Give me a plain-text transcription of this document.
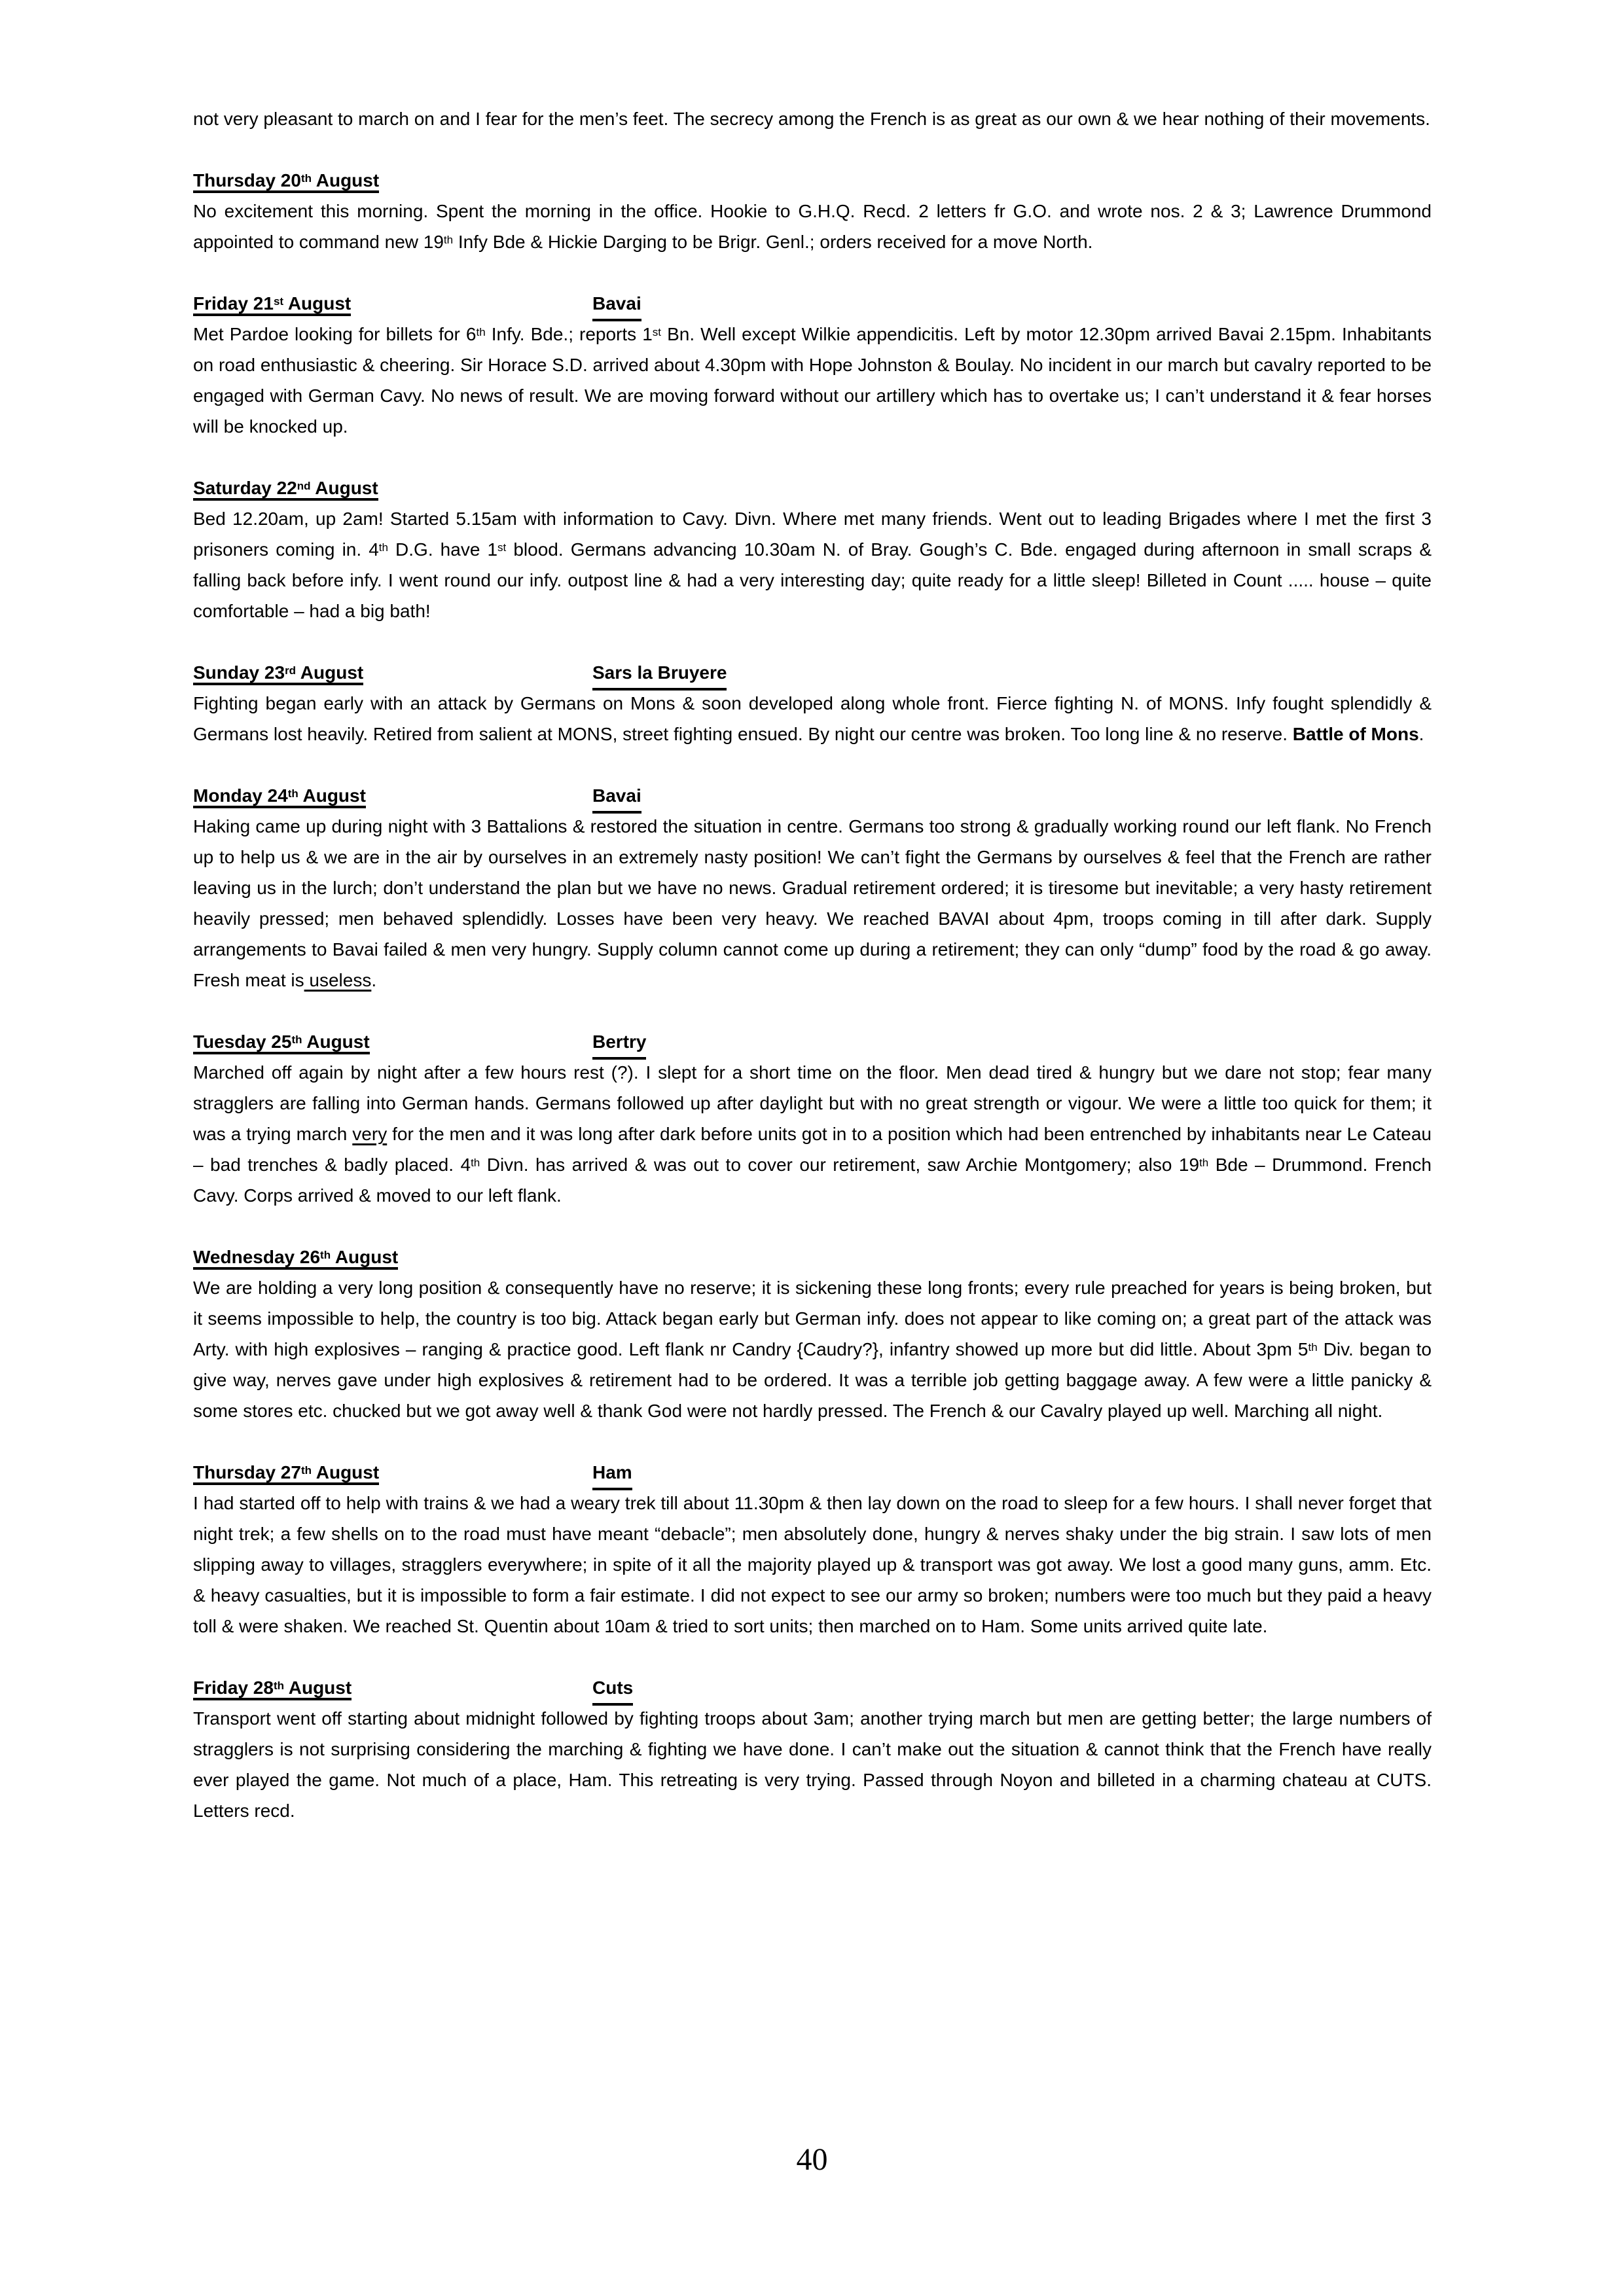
not very pleasant to march on and I fear for the men’s feet. The secrecy among the French is as great as our own & we hear nothing of their movements.

Thursday 20th August

No excitement this morning. Spent the morning in the office. Hookie to G.H.Q. Recd. 2 letters fr G.O. and wrote nos. 2 & 3; Lawrence Drummond appointed to command new 19th Infy Bde & Hickie Darging to be Brigr. Genl.; orders received for a move North.

Friday 21st August	Bavai

Met Pardoe looking for billets for 6th Infy. Bde.; reports 1st Bn. Well except Wilkie appendicitis. Left by motor 12.30pm arrived Bavai 2.15pm. Inhabitants on road enthusiastic & cheering. Sir Horace S.D. arrived about 4.30pm with Hope Johnston & Boulay. No incident in our march but cavalry reported to be engaged with German Cavy. No news of result. We are moving forward without our artillery which has to overtake us; I can’t understand it & fear horses will be knocked up.

Saturday 22nd August

Bed 12.20am, up 2am! Started 5.15am with information to Cavy. Divn. Where met many friends. Went out to leading Brigades where I met the first 3 prisoners coming in. 4th D.G. have 1st blood. Germans advancing 10.30am N. of Bray. Gough’s C. Bde. engaged during afternoon in small scraps & falling back before infy. I went round our infy. outpost line & had a very interesting day; quite ready for a little sleep! Billeted in Count ..... house – quite comfortable – had a big bath!

Sunday 23rd August	Sars la Bruyere

Fighting began early with an attack by Germans on Mons & soon developed along whole front. Fierce fighting N. of MONS. Infy fought splendidly & Germans lost heavily. Retired from salient at MONS, street fighting ensued. By night our centre was broken. Too long line & no reserve. Battle of Mons.

Monday 24th August	Bavai

Haking came up during night with 3 Battalions & restored the situation in centre. Germans too strong & gradually working round our left flank. No French up to help us & we are in the air by ourselves in an extremely nasty position! We can’t fight the Germans by ourselves & feel that the French are rather leaving us in the lurch; don’t understand the plan but we have no news. Gradual retirement ordered; it is tiresome but inevitable; a very hasty retirement heavily pressed; men behaved splendidly. Losses have been very heavy. We reached BAVAI about 4pm, troops coming in till after dark. Supply arrangements to Bavai failed & men very hungry. Supply column cannot come up during a retirement; they can only “dump” food by the road & go away. Fresh meat is useless.

Tuesday 25th August	Bertry

Marched off again by night after a few hours rest (?). I slept for a short time on the floor. Men dead tired & hungry but we dare not stop; fear many stragglers are falling into German hands. Germans followed up after daylight but with no great strength or vigour. We were a little too quick for them; it was a trying march very for the men and it was long after dark before units got in to a position which had been entrenched by inhabitants near Le Cateau – bad trenches & badly placed. 4th Divn. has arrived & was out to cover our retirement, saw Archie Montgomery; also 19th Bde – Drummond. French Cavy. Corps arrived & moved to our left flank.

Wednesday 26th August

We are holding a very long position & consequently have no reserve; it is sickening these long fronts; every rule preached for years is being broken, but it seems impossible to help, the country is too big. Attack began early but German infy. does not appear to like coming on; a great part of the attack was Arty. with high explosives – ranging & practice good. Left flank nr Candry {Caudry?}, infantry showed up more but did little. About 3pm 5th Div. began to give way, nerves gave under high explosives & retirement had to be ordered. It was a terrible job getting baggage away. A few were a little panicky & some stores etc. chucked but we got away well & thank God were not hardly pressed. The French & our Cavalry played up well. Marching all night.

Thursday 27th August	Ham

I had started off to help with trains & we had a weary trek till about 11.30pm & then lay down on the road to sleep for a few hours. I shall never forget that night trek; a few shells on to the road must have meant “debacle”; men absolutely done, hungry & nerves shaky under the big strain. I saw lots of men slipping away to villages, stragglers everywhere; in spite of it all the majority played up & transport was got away. We lost a good many guns, amm. Etc. & heavy casualties, but it is impossible to form a fair estimate. I did not expect to see our army so broken; numbers were too much but they paid a heavy toll & were shaken. We reached St. Quentin about 10am & tried to sort units; then marched on to Ham. Some units arrived quite late.

Friday 28th August	Cuts

Transport went off starting about midnight followed by fighting troops about 3am; another trying march but men are getting better; the large numbers of stragglers is not surprising considering the marching & fighting we have done. I can’t make out the situation & cannot think that the French have really ever played the game. Not much of a place, Ham. This retreating is very trying. Passed through Noyon and billeted in a charming chateau at CUTS. Letters recd.

40
